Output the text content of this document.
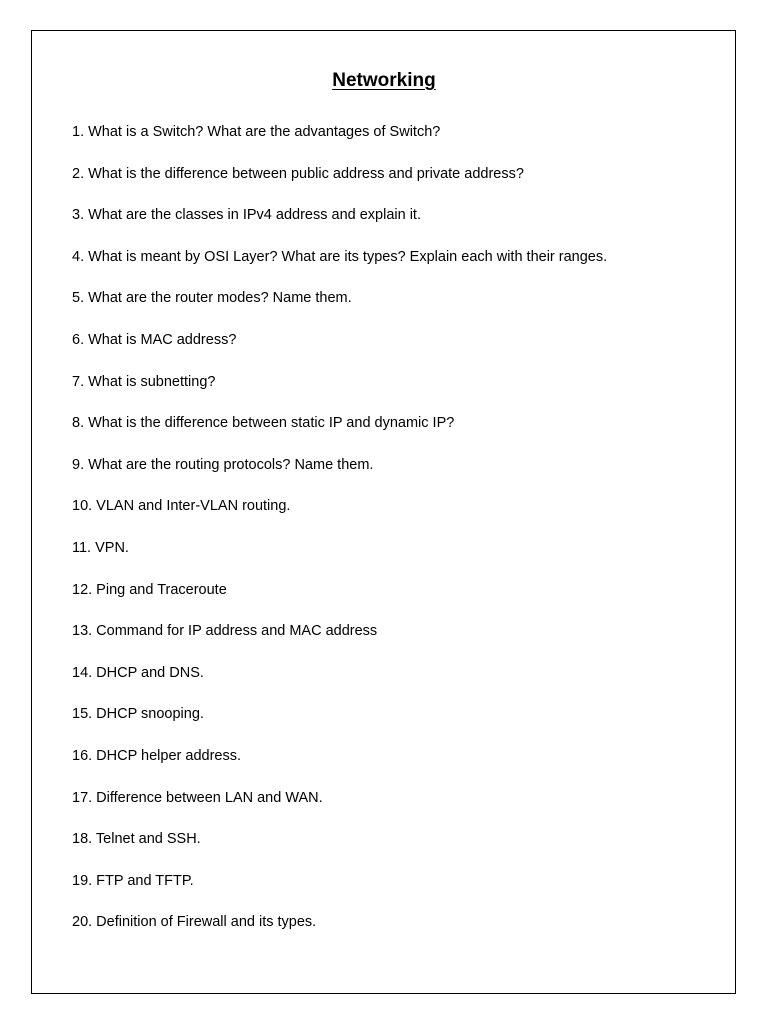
Networking
1. What is a Switch? What are the advantages of Switch?
2. What is the difference between public address and private address?
3. What are the classes in IPv4 address and explain it.
4. What is meant by OSI Layer? What are its types? Explain each with their ranges.
5. What are the router modes? Name them.
6. What is MAC address?
7. What is subnetting?
8. What is the difference between static IP and dynamic IP?
9. What are the routing protocols? Name them.
10. VLAN and Inter-VLAN routing.
11. VPN.
12. Ping and Traceroute
13. Command for IP address and MAC address
14. DHCP and DNS.
15. DHCP snooping.
16. DHCP helper address.
17. Difference between LAN and WAN.
18. Telnet and SSH.
19. FTP and TFTP.
20. Definition of Firewall and its types.
